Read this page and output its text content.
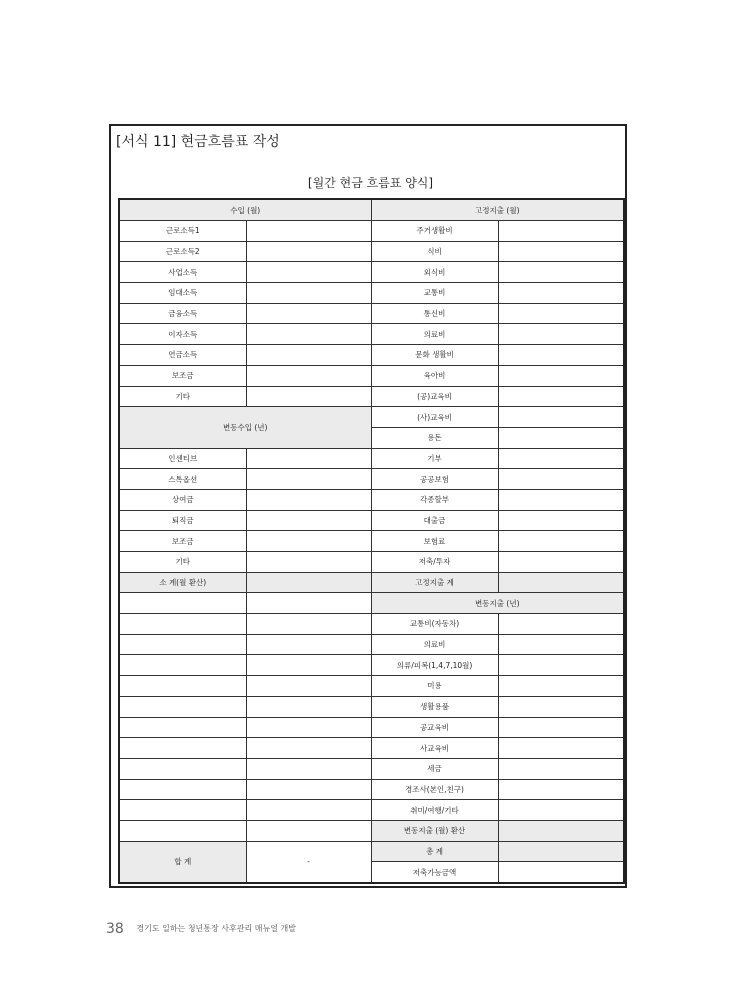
[서식 11] 현금흐름표 작성
[월간 현금 흐름표 양식]
수입 (월)		고정지출 (월)	
근로소득1		주거생활비	
근로소득2		식비	
사업소득		외식비	
임대소득		교통비	
금융소득		통신비	
이자소득		의료비	
연금소득		문화 생활비	
보조금		육아비	
기타		(공)교육비	
변동수입 (년)		(사)교육비	
		용돈	
인센티브		기부	
스톡옵션		공공보험	
상여금		각종할부	
퇴직금		대출금	
보조금		보험료	
기타		저축/투자	
소 계(월 환산)		고정지출 계	
		변동지출 (년)	
		교통비(자동차)	
		의료비	
		의류/피복(1,4,7,10월)	
		미용	
		생활용품	
		공교육비	
		사교육비	
		세금	
		경조사(본인,친구)	
		취미/여행/기타	
		변동지출 (월) 환산	
합 계	-	총 계	
		저축가능금액	
38 경기도 일하는 청년통장 사후관리 매뉴얼 개발
